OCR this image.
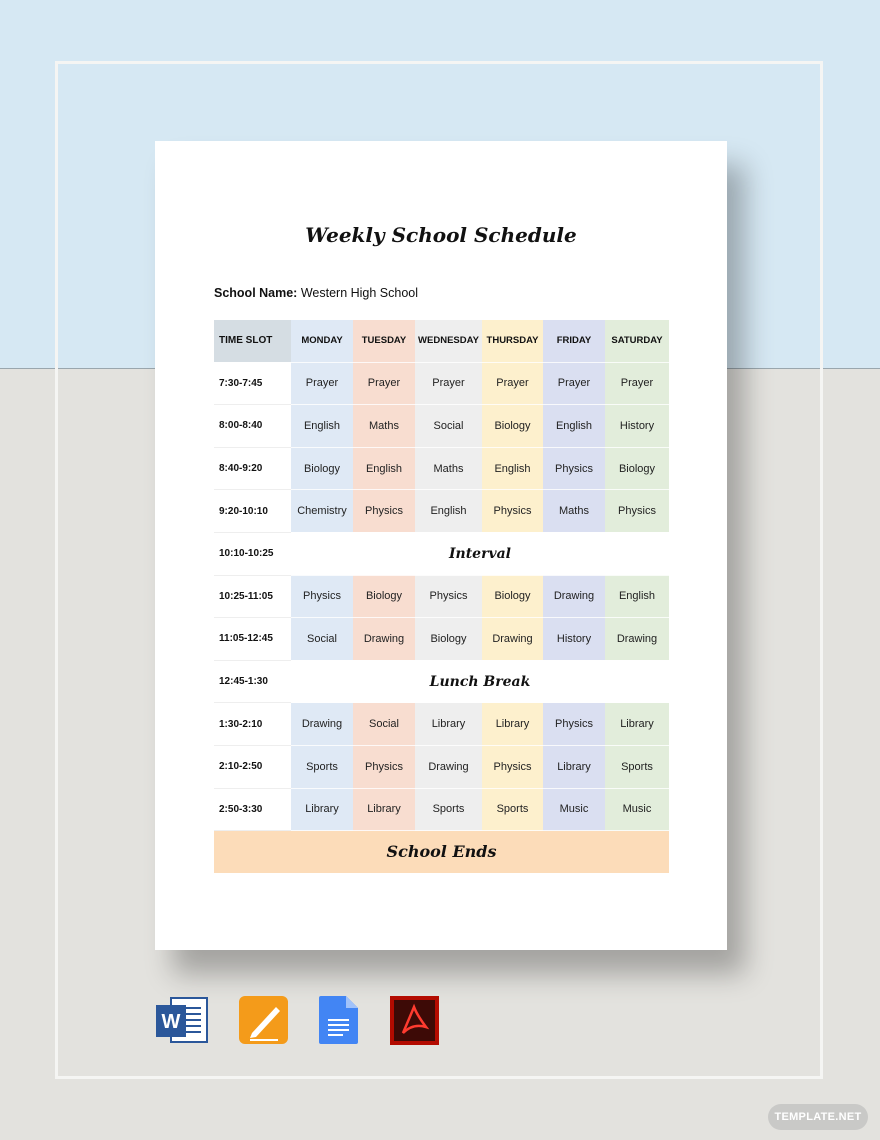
Weekly School Schedule
School Name: Western High School
TIME SLOT	MONDAY	TUESDAY	WEDNESDAY	THURSDAY	FRIDAY	SATURDAY
7:30-7:45	Prayer	Prayer	Prayer	Prayer	Prayer	Prayer
8:00-8:40	English	Maths	Social	Biology	English	History
8:40-9:20	Biology	English	Maths	English	Physics	Biology
9:20-10:10	Chemistry	Physics	English	Physics	Maths	Physics
10:10-10:25	Interval					
10:25-11:05	Physics	Biology	Physics	Biology	Drawing	English
11:05-12:45	Social	Drawing	Biology	Drawing	History	Drawing
12:45-1:30	Lunch Break					
1:30-2:10	Drawing	Social	Library	Library	Physics	Library
2:10-2:50	Sports	Physics	Drawing	Physics	Library	Sports
2:50-3:30	Library	Library	Sports	Sports	Music	Music
School Ends						
W
TEMPLATE.NET
